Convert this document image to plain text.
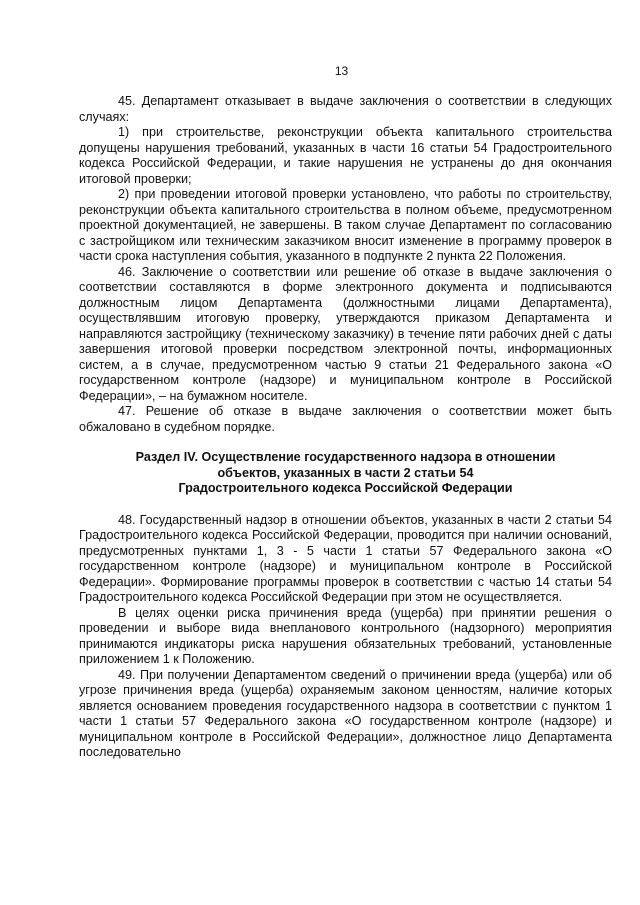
13

45. Департамент отказывает в выдаче заключения о соответствии в следующих случаях:

1) при строительстве, реконструкции объекта капитального строительства допущены нарушения требований, указанных в части 16 статьи 54 Градостроительного кодекса Российской Федерации, и такие нарушения не устранены до дня окончания итоговой проверки;

2) при проведении итоговой проверки установлено, что работы по строительству, реконструкции объекта капитального строительства в полном объеме, предусмотренном проектной документацией, не завершены. В таком случае Департамент по согласованию с застройщиком или техническим заказчиком вносит изменение в программу проверок в части срока наступления события, указанного в подпункте 2 пункта 22 Положения.

46. Заключение о соответствии или решение об отказе в выдаче заключения о соответствии составляются в форме электронного документа и подписываются должностным лицом Департамента (должностными лицами Департамента), осуществлявшим итоговую проверку, утверждаются приказом Департамента и направляются застройщику (техническому заказчику) в течение пяти рабочих дней с даты завершения итоговой проверки посредством электронной почты, информационных систем, а в случае, предусмотренном частью 9 статьи 21 Федерального закона «О государственном контроле (надзоре) и муниципальном контроле в Российской Федерации», – на бумажном носителе.

47. Решение об отказе в выдаче заключения о соответствии может быть обжаловано в судебном порядке.

Раздел IV. Осуществление государственного надзора в отношении
объектов, указанных в части 2 статьи 54
Градостроительного кодекса Российской Федерации

48. Государственный надзор в отношении объектов, указанных в части 2 статьи 54 Градостроительного кодекса Российской Федерации, проводится при наличии оснований, предусмотренных пунктами 1, 3 - 5 части 1 статьи 57 Федерального закона «О государственном контроле (надзоре) и муниципальном контроле в Российской Федерации». Формирование программы проверок в соответствии с частью 14 статьи 54 Градостроительного кодекса Российской Федерации при этом не осуществляется.

В целях оценки риска причинения вреда (ущерба) при принятии решения о проведении и выборе вида внепланового контрольного (надзорного) мероприятия принимаются индикаторы риска нарушения обязательных требований, установленные приложением 1 к Положению.

49. При получении Департаментом сведений о причинении вреда (ущерба) или об угрозе причинения вреда (ущерба) охраняемым законом ценностям, наличие которых является основанием проведения государственного надзора в соответствии с пунктом 1 части 1 статьи 57 Федерального закона «О государственном контроле (надзоре) и муниципальном контроле в Российской Федерации», должностное лицо Департамента последовательно
